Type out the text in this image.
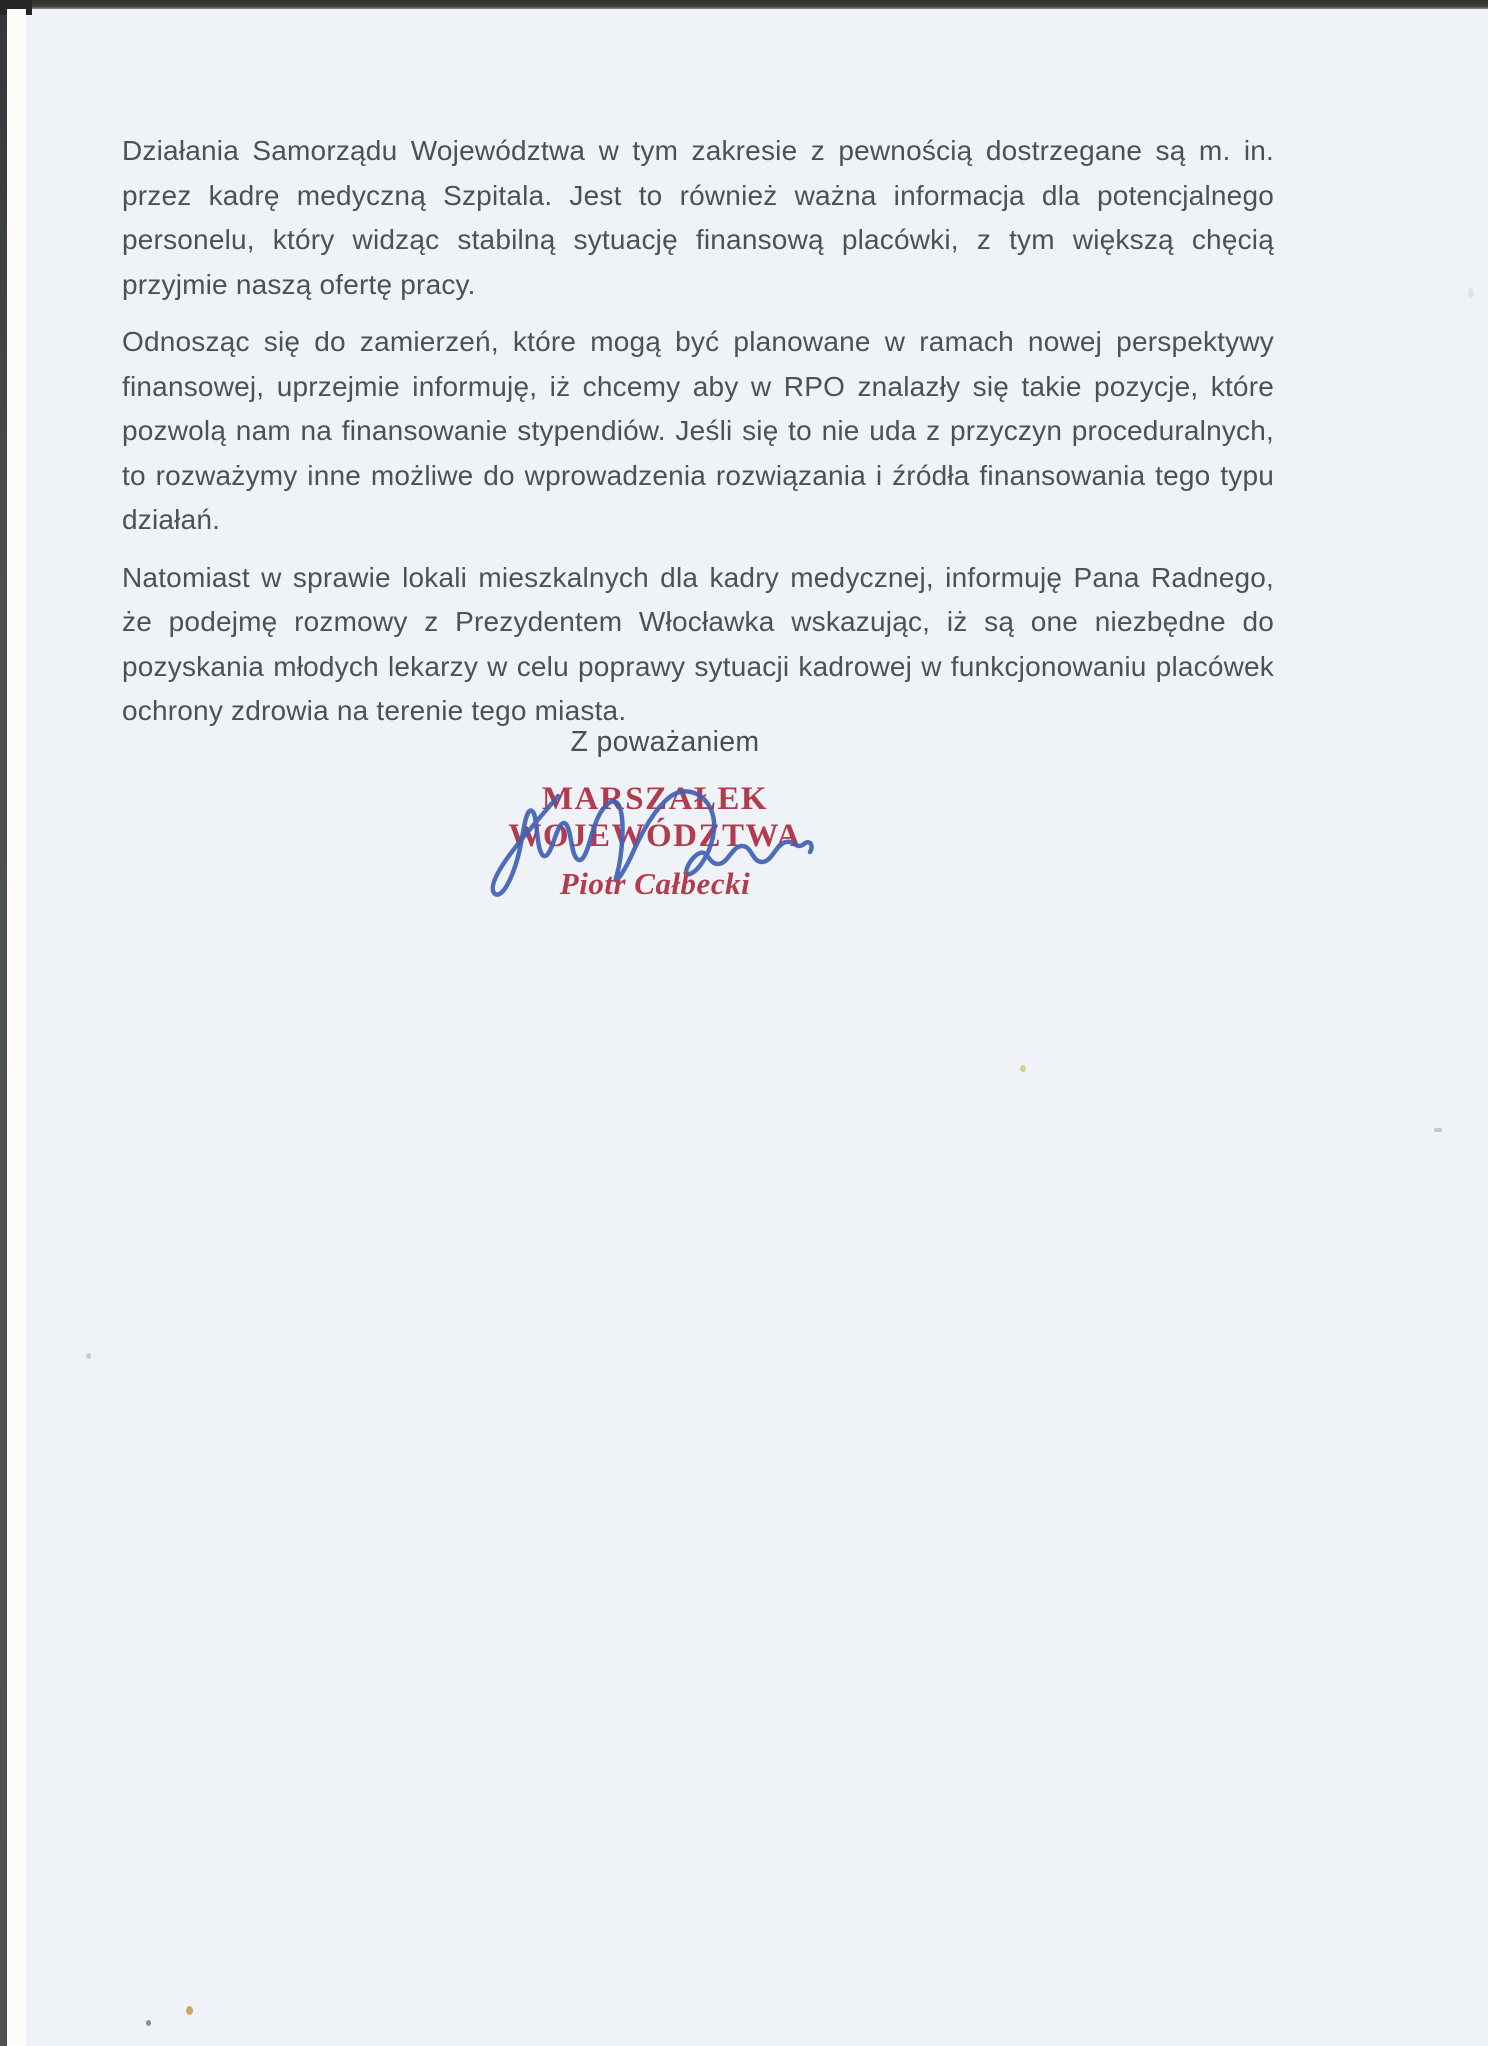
Działania Samorządu Województwa w tym zakresie z pewnością dostrzegane są m. in. przez kadrę medyczną Szpitala. Jest to również ważna informacja dla potencjalnego personelu, który widząc stabilną sytuację finansową placówki, z tym większą chęcią przyjmie naszą ofertę pracy.

Odnosząc się do zamierzeń, które mogą być planowane w ramach nowej perspektywy finansowej, uprzejmie informuję, iż chcemy aby w RPO znalazły się takie pozycje, które pozwolą nam na finansowanie stypendiów. Jeśli się to nie uda z przyczyn proceduralnych, to rozważymy inne możliwe do wprowadzenia rozwiązania i źródła finansowania tego typu działań.

Natomiast w sprawie lokali mieszkalnych dla kadry medycznej, informuję Pana Radnego, że podejmę rozmowy z Prezydentem Włocławka wskazując, iż są one niezbędne do pozyskania młodych lekarzy w celu poprawy sytuacji kadrowej w funkcjonowaniu placówek ochrony zdrowia na terenie tego miasta.

Z poważaniem
MARSZAŁEK WOJEWÓDZTWA
Piotr Całbecki
